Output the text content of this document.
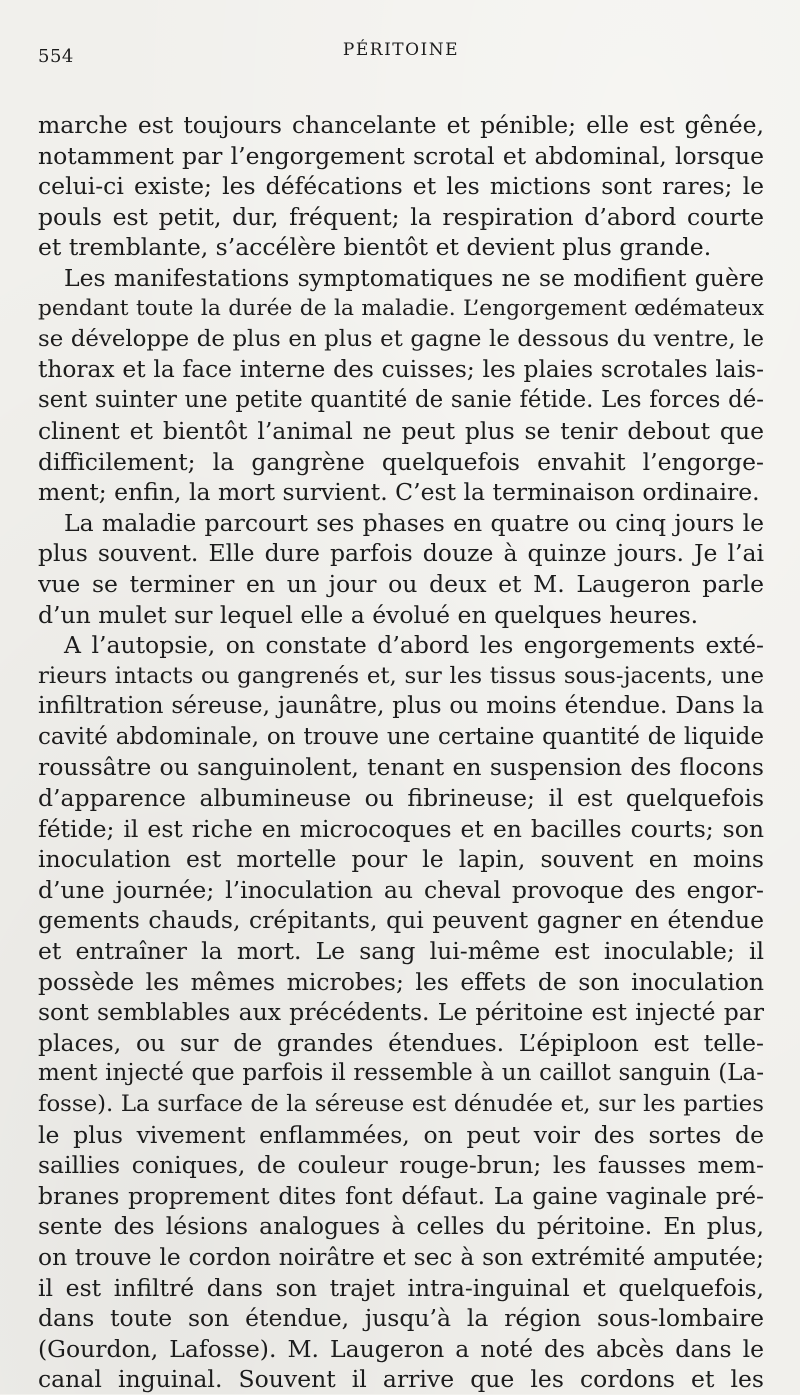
554	PÉRITOINE
marche est toujours chancelante et pénible; elle est gênée,
notamment par l’engorgement scrotal et abdominal, lorsque
celui-ci existe; les défécations et les mictions sont rares; le
pouls est petit, dur, fréquent; la respiration d’abord courte
et tremblante, s’accélère bientôt et devient plus grande.
Les manifestations symptomatiques ne se modifient guère
pendant toute la durée de la maladie. L’engorgement œdémateux
se développe de plus en plus et gagne le dessous du ventre, le
thorax et la face interne des cuisses; les plaies scrotales lais-
sent suinter une petite quantité de sanie fétide. Les forces dé-
clinent et bientôt l’animal ne peut plus se tenir debout que
difficilement; la gangrène quelquefois envahit l’engorge-
ment; enfin, la mort survient. C’est la terminaison ordinaire.
La maladie parcourt ses phases en quatre ou cinq jours le
plus souvent. Elle dure parfois douze à quinze jours. Je l’ai
vue se terminer en un jour ou deux et M. Laugeron parle
d’un mulet sur lequel elle a évolué en quelques heures.
A l’autopsie, on constate d’abord les engorgements exté-
rieurs intacts ou gangrenés et, sur les tissus sous-jacents, une
infiltration séreuse, jaunâtre, plus ou moins étendue. Dans la
cavité abdominale, on trouve une certaine quantité de liquide
roussâtre ou sanguinolent, tenant en suspension des flocons
d’apparence albumineuse ou fibrineuse; il est quelquefois
fétide; il est riche en microcoques et en bacilles courts; son
inoculation est mortelle pour le lapin, souvent en moins
d’une journée; l’inoculation au cheval provoque des engor-
gements chauds, crépitants, qui peuvent gagner en étendue
et entraîner la mort. Le sang lui-même est inoculable; il
possède les mêmes microbes; les effets de son inoculation
sont semblables aux précédents. Le péritoine est injecté par
places, ou sur de grandes étendues. L’épiploon est telle-
ment injecté que parfois il ressemble à un caillot sanguin (La-
fosse). La surface de la séreuse est dénudée et, sur les parties
le plus vivement enflammées, on peut voir des sortes de
saillies coniques, de couleur rouge-brun; les fausses mem-
branes proprement dites font défaut. La gaine vaginale pré-
sente des lésions analogues à celles du péritoine. En plus,
on trouve le cordon noirâtre et sec à son extrémité amputée;
il est infiltré dans son trajet intra-inguinal et quelquefois,
dans toute son étendue, jusqu’à la région sous-lombaire
(Gourdon, Lafosse). M. Laugeron a noté des abcès dans le
canal inguinal. Souvent il arrive que les cordons et les
